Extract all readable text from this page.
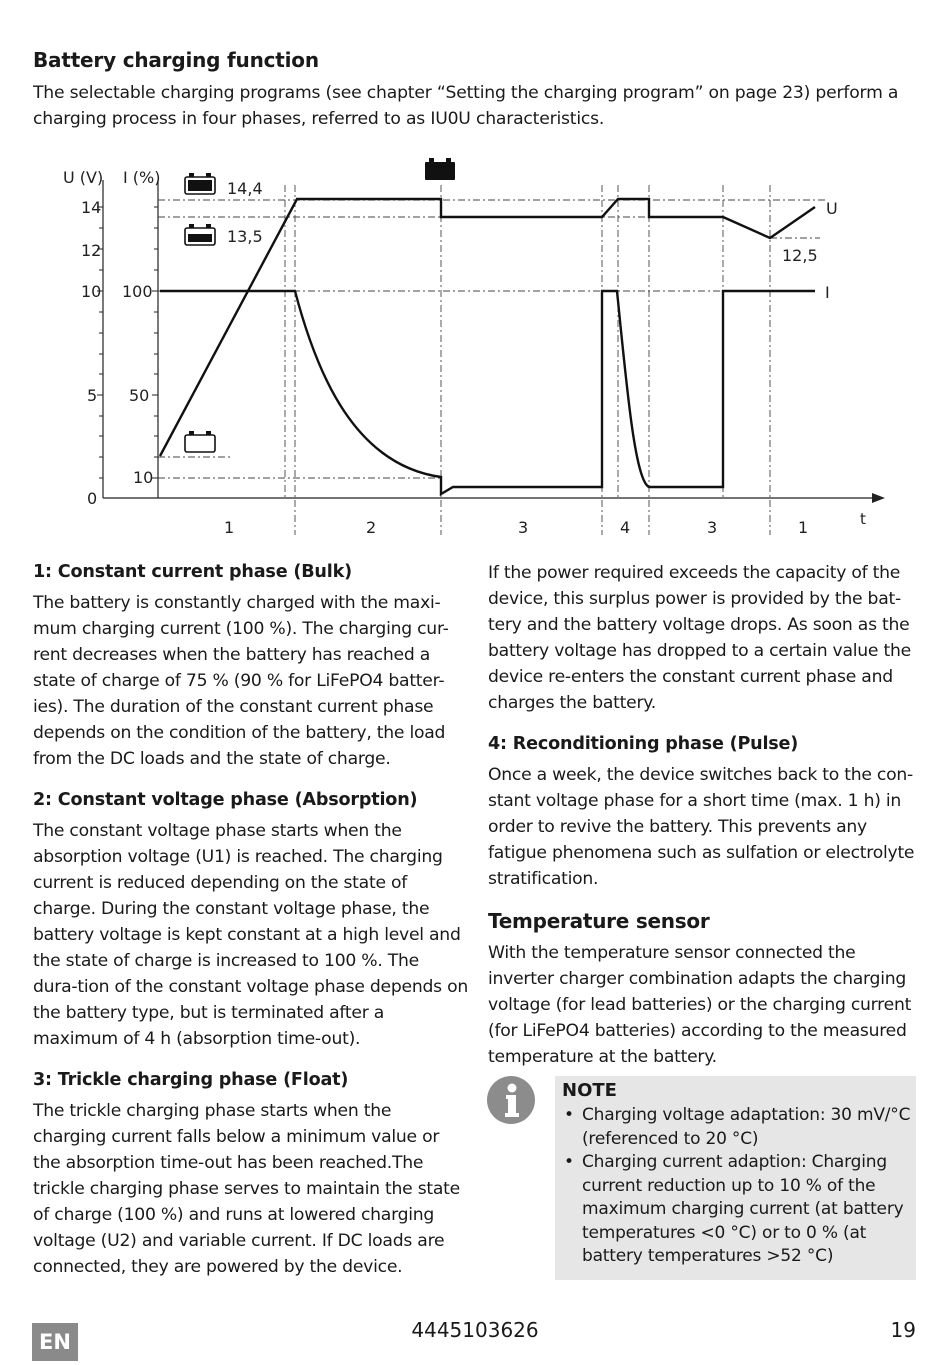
Battery charging function

The selectable charging programs (see chapter “Setting the charging program” on page 23) perform a charging process in four phases, referred to as IU0U characteristics.

U (V) I (%)
t
14
12
10
5
0
100
50
10
14,4
13,5
12,5
U
I
1	2	3	4	3	1
1: Constant current phase (Bulk)

The battery is constantly charged with the maxi-mum charging current (100 %). The charging cur-rent decreases when the battery has reached a state of charge of 75 % (90 % for LiFePO4 batter-ies). The duration of the constant current phase depends on the condition of the battery, the load from the DC loads and the state of charge.

2: Constant voltage phase (Absorption)

The constant voltage phase starts when the absorption voltage (U1) is reached. The charging current is reduced depending on the state of charge. During the constant voltage phase, the battery voltage is kept constant at a high level and the state of charge is increased to 100 %. The dura-tion of the constant voltage phase depends on the battery type, but is terminated after a maximum of 4 h (absorption time-out).

3: Trickle charging phase (Float)

The trickle charging phase starts when the charging current falls below a minimum value or the absorption time-out has been reached.The trickle charging phase serves to maintain the state of charge (100 %) and runs at lowered charging voltage (U2) and variable current. If DC loads are connected, they are powered by the device.

If the power required exceeds the capacity of the device, this surplus power is provided by the bat-tery and the battery voltage drops. As soon as the battery voltage has dropped to a certain value the device re-enters the constant current phase and charges the battery.

4: Reconditioning phase (Pulse)

Once a week, the device switches back to the con-stant voltage phase for a short time (max. 1 h) in order to revive the battery. This prevents any fatigue phenomena such as sulfation or electrolyte stratification.

Temperature sensor

With the temperature sensor connected the inverter charger combination adapts the charging voltage (for lead batteries) or the charging current (for LiFePO4 batteries) according to the measured temperature at the battery.

NOTE
• Charging voltage adaptation: 30 mV/°C (referenced to 20 °C)
• Charging current adaption: Charging current reduction up to 10 % of the maximum charging current (at battery temperatures <0 °C) or to 0 % (at battery temperatures >52 °C)
EN	4445103626	19
